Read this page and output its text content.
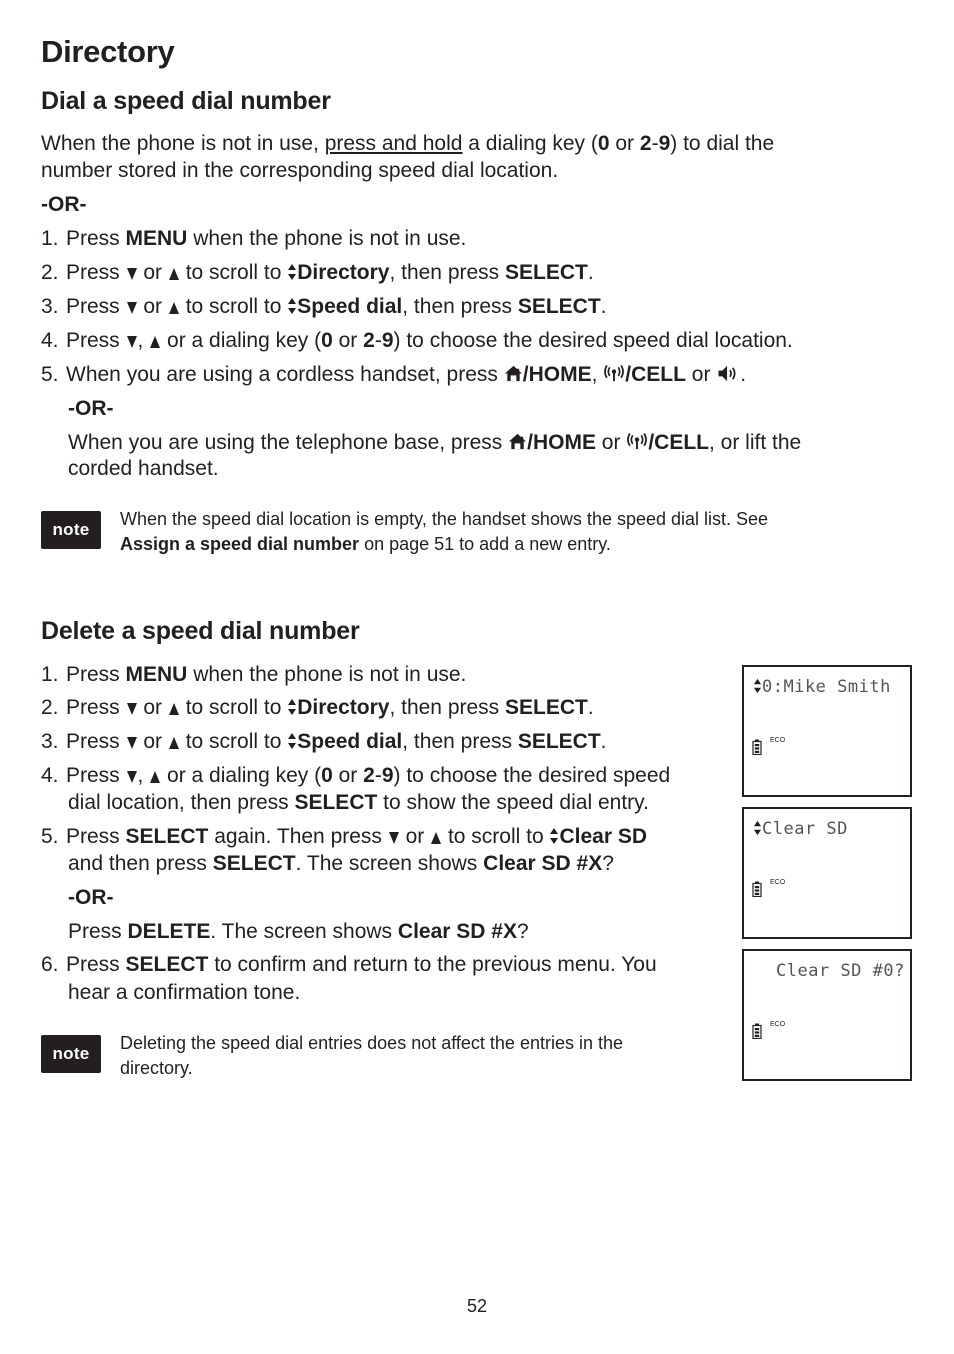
Directory
Dial a speed dial number
When the phone is not in use, press and hold a dialing key (0 or 2-9) to dial the
number stored in the corresponding speed dial location.
-OR-
1. Press MENU when the phone is not in use.
2. Press  or  to scroll to Directory, then press SELECT.
3. Press  or  to scroll to Speed dial, then press SELECT.
4. Press ,  or a dialing key (0 or 2-9) to choose the desired speed dial location.
5. When you are using a cordless handset, press /HOME, /CELL or .
-OR-
When you are using the telephone base, press /HOME or /CELL, or lift the
corded handset.
note
When the speed dial location is empty, the handset shows the speed dial list. See
Assign a speed dial number on page 51 to add a new entry.
Delete a speed dial number
1. Press MENU when the phone is not in use.
2. Press  or  to scroll to Directory, then press SELECT.
3. Press  or  to scroll to Speed dial, then press SELECT.
4. Press ,  or a dialing key (0 or 2-9) to choose the desired speed
dial location, then press SELECT to show the speed dial entry.
5. Press SELECT again. Then press  or  to scroll to Clear SD
and then press SELECT. The screen shows Clear SD #X?
-OR-
Press DELETE. The screen shows Clear SD #X?
6. Press SELECT to confirm and return to the previous menu. You
hear a confirmation tone.
note
Deleting the speed dial entries does not affect the entries in the
directory.
0:Mike Smith
ECO
Clear SD
ECO
Clear SD #0?
ECO
52
